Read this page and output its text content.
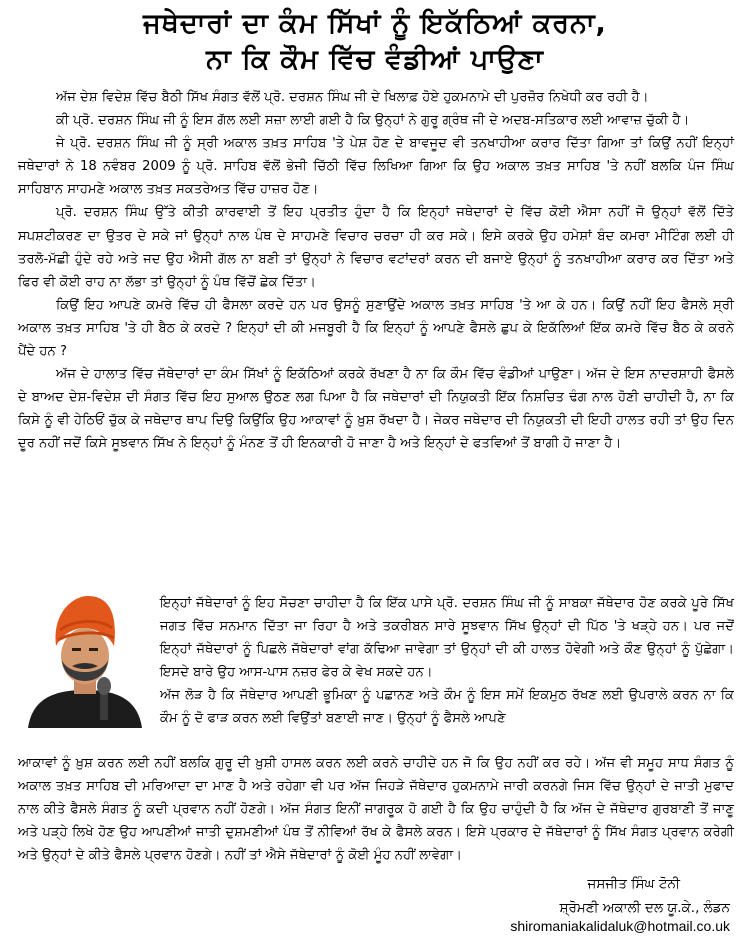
ਜਥੇਦਾਰਾਂ ਦਾ ਕੰਮ ਸਿੱਖਾਂ ਨੂੰ ਇਕੱਠਿਆਂ ਕਰਨਾ,
ਨਾ ਕਿ ਕੌਮ ਵਿੱਚ ਵੰਡੀਆਂ ਪਾਉਣਾ

ਅੱਜ ਦੇਸ਼ ਵਿਦੇਸ਼ ਵਿੱਚ ਬੈਠੀ ਸਿੱਖ ਸੰਗਤ ਵੱਲੋਂ ਪ੍ਰੋ. ਦਰਸ਼ਨ ਸਿੰਘ ਜੀ ਦੇ ਖਿਲਾਫ਼ ਹੋਏ ਹੁਕਮਨਾਮੇ ਦੀ ਪੁਰਜ਼ੋਰ ਨਿਖੇਧੀ ਕਰ ਰਹੀ ਹੈ।

ਕੀ ਪ੍ਰੋ. ਦਰਸ਼ਨ ਸਿੰਘ ਜੀ ਨੂੰ ਇਸ ਗੱਲ ਲਈ ਸਜ਼ਾ ਲਾਈ ਗਈ ਹੈ ਕਿ ਉਨ੍ਹਾਂ ਨੇ ਗੁਰੂ ਗ੍ਰੰਥ ਜੀ ਦੇ ਅਦਬ-ਸਤਿਕਾਰ ਲਈ ਆਵਾਜ਼ ਚੁੱਕੀ ਹੈ।

ਜੇ ਪ੍ਰੋ. ਦਰਸ਼ਨ ਸਿੰਘ ਜੀ ਨੂੰ ਸ੍ਰੀ ਅਕਾਲ ਤਖ਼ਤ ਸਾਹਿਬ 'ਤੇ ਪੇਸ਼ ਹੋਣ ਦੇ ਬਾਵਜੂਦ ਵੀ ਤਨਖਾਹੀਆ ਕਰਾਰ ਦਿੱਤਾ ਗਿਆ ਤਾਂ ਕਿਉਂ ਨਹੀਂ ਇਨ੍ਹਾਂ ਜਥੇਦਾਰਾਂ ਨੇ 18 ਨਵੰਬਰ 2009 ਨੂੰ ਪ੍ਰੋ. ਸਾਹਿਬ ਵੱਲੋਂ ਭੇਜੀ ਚਿੱਠੀ ਵਿੱਚ ਲਿਖਿਆ ਗਿਆ ਕਿ ਉਹ ਅਕਾਲ ਤਖ਼ਤ ਸਾਹਿਬ 'ਤੇ ਨਹੀਂ ਬਲਕਿ ਪੰਜ ਸਿੰਘ ਸਾਹਿਬਾਨ ਸਾਹਮਣੇ ਅਕਾਲ ਤਖ਼ਤ ਸਕਤਰੇਅਤ ਵਿੱਚ ਹਾਜ਼ਰ ਹੋਣ।

ਪ੍ਰੋ. ਦਰਸ਼ਨ ਸਿੰਘ ਉੱਤੇ ਕੀਤੀ ਕਾਰਵਾਈ ਤੋਂ ਇਹ ਪ੍ਰਤੀਤ ਹੁੰਦਾ ਹੈ ਕਿ ਇਨ੍ਹਾਂ ਜਥੇਦਾਰਾਂ ਦੇ ਵਿੱਚ ਕੋਈ ਐਸਾ ਨਹੀਂ ਜੋ ਉਨ੍ਹਾਂ ਵੱਲੋਂ ਦਿੱਤੇ ਸਪਸ਼ਟੀਕਰਣ ਦਾ ਉਤਰ ਦੇ ਸਕੇ ਜਾਂ ਉਨ੍ਹਾਂ ਨਾਲ ਪੰਥ ਦੇ ਸਾਹਮਣੇ ਵਿਚਾਰ ਚਰਚਾ ਹੀ ਕਰ ਸਕੇ। ਇਸੇ ਕਰਕੇ ਉਹ ਹਮੇਸ਼ਾਂ ਬੰਦ ਕਮਰਾ ਮੀਟਿੰਗ ਲਈ ਹੀ ਤਰਲੋ-ਮੱਛੀ ਹੁੰਦੇ ਰਹੇ ਅਤੇ ਜਦ ਉਹ ਐਸੀ ਗੱਲ ਨਾ ਬਣੀ ਤਾਂ ਉਨ੍ਹਾਂ ਨੇ ਵਿਚਾਰ ਵਟਾਂਦਰਾਂ ਕਰਨ ਦੀ ਬਜਾਏ ਉਨ੍ਹਾਂ ਨੂੰ ਤਨਖਾਹੀਆ ਕਰਾਰ ਕਰ ਦਿੱਤਾ ਅਤੇ ਫਿਰ ਵੀ ਕੋਈ ਰਾਹ ਨਾ ਲੱਭਾ ਤਾਂ ਉਨ੍ਹਾਂ ਨੂੰ ਪੰਥ ਵਿੱਚੋਂ ਛੇਕ ਦਿੱਤਾ।

ਕਿਉਂ ਇਹ ਆਪਣੇ ਕਮਰੇ ਵਿੱਚ ਹੀ ਫੈਸਲਾ ਕਰਦੇ ਹਨ ਪਰ ਉਸਨੂੰ ਸੁਣਾਉਂਦੇ ਅਕਾਲ ਤਖ਼ਤ ਸਾਹਿਬ 'ਤੇ ਆ ਕੇ ਹਨ। ਕਿਉਂ ਨਹੀਂ ਇਹ ਫੈਸਲੇ ਸ੍ਰੀ ਅਕਾਲ ਤਖ਼ਤ ਸਾਹਿਬ 'ਤੇ ਹੀ ਬੈਠ ਕੇ ਕਰਦੇ ? ਇਨ੍ਹਾਂ ਦੀ ਕੀ ਮਜਬੂਰੀ ਹੈ ਕਿ ਇਨ੍ਹਾਂ ਨੂੰ ਆਪਣੇ ਫੈਸਲੇ ਛੁਪ ਕੇ ਇਕੱਲਿਆਂ ਇੱਕ ਕਮਰੇ ਵਿੱਚ ਬੈਠ ਕੇ ਕਰਨੇ ਪੈਂਦੇ ਹਨ ?

ਅੱਜ ਦੇ ਹਾਲਾਤ ਵਿੱਚ ਜੱਥੇਦਾਰਾਂ ਦਾ ਕੰਮ ਸਿੱਖਾਂ ਨੂੰ ਇਕੱਠਿਆਂ ਕਰਕੇ ਰੱਖਣਾ ਹੈ ਨਾ ਕਿ ਕੌਮ ਵਿੱਚ ਵੰਡੀਆਂ ਪਾਉਣਾ। ਅੱਜ ਦੇ ਇਸ ਨਾਦਰਸ਼ਾਹੀ ਫੈਸਲੇ ਦੇ ਬਾਅਦ ਦੇਸ਼-ਵਿਦੇਸ਼ ਦੀ ਸੰਗਤ ਵਿੱਚ ਇਹ ਸੁਆਲ ਉਠਣ ਲਗ ਪਿਆ ਹੈ ਕਿ ਜਥੇਦਾਰਾਂ ਦੀ ਨਿਯੁਕਤੀ ਇੱਕ ਨਿਸ਼ਚਿਤ ਢੰਗ ਨਾਲ ਹੋਣੀ ਚਾਹੀਦੀ ਹੈ, ਨਾ ਕਿ ਕਿਸੇ ਨੂੰ ਵੀ ਹੇਠਿਓਂ ਚੁੱਕ ਕੇ ਜਥੇਦਾਰ ਥਾਪ ਦਿਉ ਕਿਉਂਕਿ ਉਹ ਆਕਾਵਾਂ ਨੂੰ ਖ਼ੁਸ਼ ਰੱਖਦਾ ਹੈ। ਜੇਕਰ ਜਥੇਦਾਰ ਦੀ ਨਿਯੁਕਤੀ ਦੀ ਇਹੀ ਹਾਲਤ ਰਹੀ ਤਾਂ ਉਹ ਦਿਨ ਦੂਰ ਨਹੀਂ ਜਦੋਂ ਕਿਸੇ ਸੂਝਵਾਨ ਸਿੱਖ ਨੇ ਇਨ੍ਹਾਂ ਨੂੰ ਮੰਨਣ ਤੋਂ ਹੀ ਇਨਕਾਰੀ ਹੋ ਜਾਣਾ ਹੈ ਅਤੇ ਇਨ੍ਹਾਂ ਦੇ ਫਤਵਿਆਂ ਤੋਂ ਬਾਗੀ ਹੋ ਜਾਣਾ ਹੈ।

ਇਨ੍ਹਾਂ ਜੱਥੇਦਾਰਾਂ ਨੂੰ ਇਹ ਸੋਚਣਾ ਚਾਹੀਦਾ ਹੈ ਕਿ ਇੱਕ ਪਾਸੇ ਪ੍ਰੋ. ਦਰਸ਼ਨ ਸਿੰਘ ਜੀ ਨੂੰ ਸਾਬਕਾ ਜੱਥੇਦਾਰ ਹੋਣ ਕਰਕੇ ਪੂਰੇ ਸਿੱਖ ਜਗਤ ਵਿੱਚ ਸਨਮਾਨ ਦਿੱਤਾ ਜਾ ਰਿਹਾ ਹੈ ਅਤੇ ਤਕਰੀਬਨ ਸਾਰੇ ਸੂਝਵਾਨ ਸਿੱਖ ਉਨ੍ਹਾਂ ਦੀ ਪਿੱਠ 'ਤੇ ਖੜ੍ਹੇ ਹਨ। ਪਰ ਜਦੋਂ ਇਨ੍ਹਾਂ ਜੱਥੇਦਾਰਾਂ ਨੂੰ ਪਿਛਲੇ ਜੱਥੇਦਾਰਾਂ ਵਾਂਗ ਕੱਢਿਆ ਜਾਵੇਗਾ ਤਾਂ ਉਨ੍ਹਾਂ ਦੀ ਕੀ ਹਾਲਤ ਹੋਵੇਗੀ ਅਤੇ ਕੌਣ ਉਨ੍ਹਾਂ ਨੂੰ ਪੁੱਛੇਗਾ। ਇਸਦੇ ਬਾਰੇ ਉਹ ਆਸ-ਪਾਸ ਨਜ਼ਰ ਫੇਰ ਕੇ ਵੇਖ ਸਕਦੇ ਹਨ।

ਅੱਜ ਲੋੜ ਹੈ ਕਿ ਜੱਥੇਦਾਰ ਆਪਣੀ ਭੂਮਿਕਾ ਨੂੰ ਪਛਾਨਣ ਅਤੇ ਕੌਮ ਨੂੰ ਇਸ ਸਮੇਂ ਇਕਮੁਠ ਰੱਖਣ ਲਈ ਉਪਰਾਲੇ ਕਰਨ ਨਾ ਕਿ ਕੌਮ ਨੂੰ ਦੋ ਫਾੜ ਕਰਨ ਲਈ ਵਿਉਂਤਾਂ ਬਣਾਈ ਜਾਣ। ਉਨ੍ਹਾਂ ਨੂੰ ਫੈਸਲੇ ਆਪਣੇ

ਆਕਾਵਾਂ ਨੂੰ ਖ਼ੁਸ਼ ਕਰਨ ਲਈ ਨਹੀਂ ਬਲਕਿ ਗੁਰੂ ਦੀ ਖ਼ੁਸ਼ੀ ਹਾਸਲ ਕਰਨ ਲਈ ਕਰਨੇ ਚਾਹੀਦੇ ਹਨ ਜੋ ਕਿ ਉਹ ਨਹੀਂ ਕਰ ਰਹੇ। ਅੱਜ ਵੀ ਸਮੂਹ ਸਾਧ ਸੰਗਤ ਨੂੰ ਅਕਾਲ ਤਖ਼ਤ ਸਾਹਿਬ ਦੀ ਮਰਿਆਦਾ ਦਾ ਮਾਣ ਹੈ ਅਤੇ ਰਹੇਗਾ ਵੀ ਪਰ ਅੱਜ ਜਿਹੜੇ ਜੱਥੇਦਾਰ ਹੁਕਮਨਾਮੇ ਜਾਰੀ ਕਰਨਗੇ ਜਿਸ ਵਿੱਚ ਉਨ੍ਹਾਂ ਦੇ ਜਾਤੀ ਮੁਫਾਦ ਨਾਲ ਕੀਤੇ ਫੈਸਲੇ ਸੰਗਤ ਨੂੰ ਕਦੀ ਪ੍ਰਵਾਨ ਨਹੀਂ ਹੋਣਗੇ। ਅੱਜ ਸੰਗਤ ਇਨੀਂ ਜਾਗਰੂਕ ਹੋ ਗਈ ਹੈ ਕਿ ਉਹ ਚਾਹੁੰਦੀ ਹੈ ਕਿ ਅੱਜ ਦੇ ਜੱਥੇਦਾਰ ਗੁਰਬਾਣੀ ਤੋਂ ਜਾਣੂ ਅਤੇ ਪੜ੍ਹੇ ਲਿਖੇ ਹੋਣ ਉਹ ਆਪਣੀਆਂ ਜਾਤੀ ਦੁਸ਼ਮਣੀਆਂ ਪੰਥ ਤੋਂ ਨੀਵਿਆਂ ਰੱਖ ਕੇ ਫੈਸਲੇ ਕਰਨ। ਇਸੇ ਪ੍ਰਕਾਰ ਦੇ ਜੱਥੇਦਾਰਾਂ ਨੂੰ ਸਿੱਖ ਸੰਗਤ ਪ੍ਰਵਾਨ ਕਰੇਗੀ ਅਤੇ ਉਨ੍ਹਾਂ ਦੇ ਕੀਤੇ ਫੈਸਲੇ ਪ੍ਰਵਾਨ ਹੋਣਗੇ। ਨਹੀਂ ਤਾਂ ਐਸੇ ਜੱਥੇਦਾਰਾਂ ਨੂੰ ਕੋਈ ਮੂੰਹ ਨਹੀਂ ਲਾਵੇਗਾ।

ਜਸਜੀਤ ਸਿੰਘ ਟੋਨੀ
ਸ਼੍ਰੋਮਣੀ ਅਕਾਲੀ ਦਲ ਯੂ.ਕੇ., ਲੰਡਨ
shiromaniakalidaluk@hotmail.co.uk
